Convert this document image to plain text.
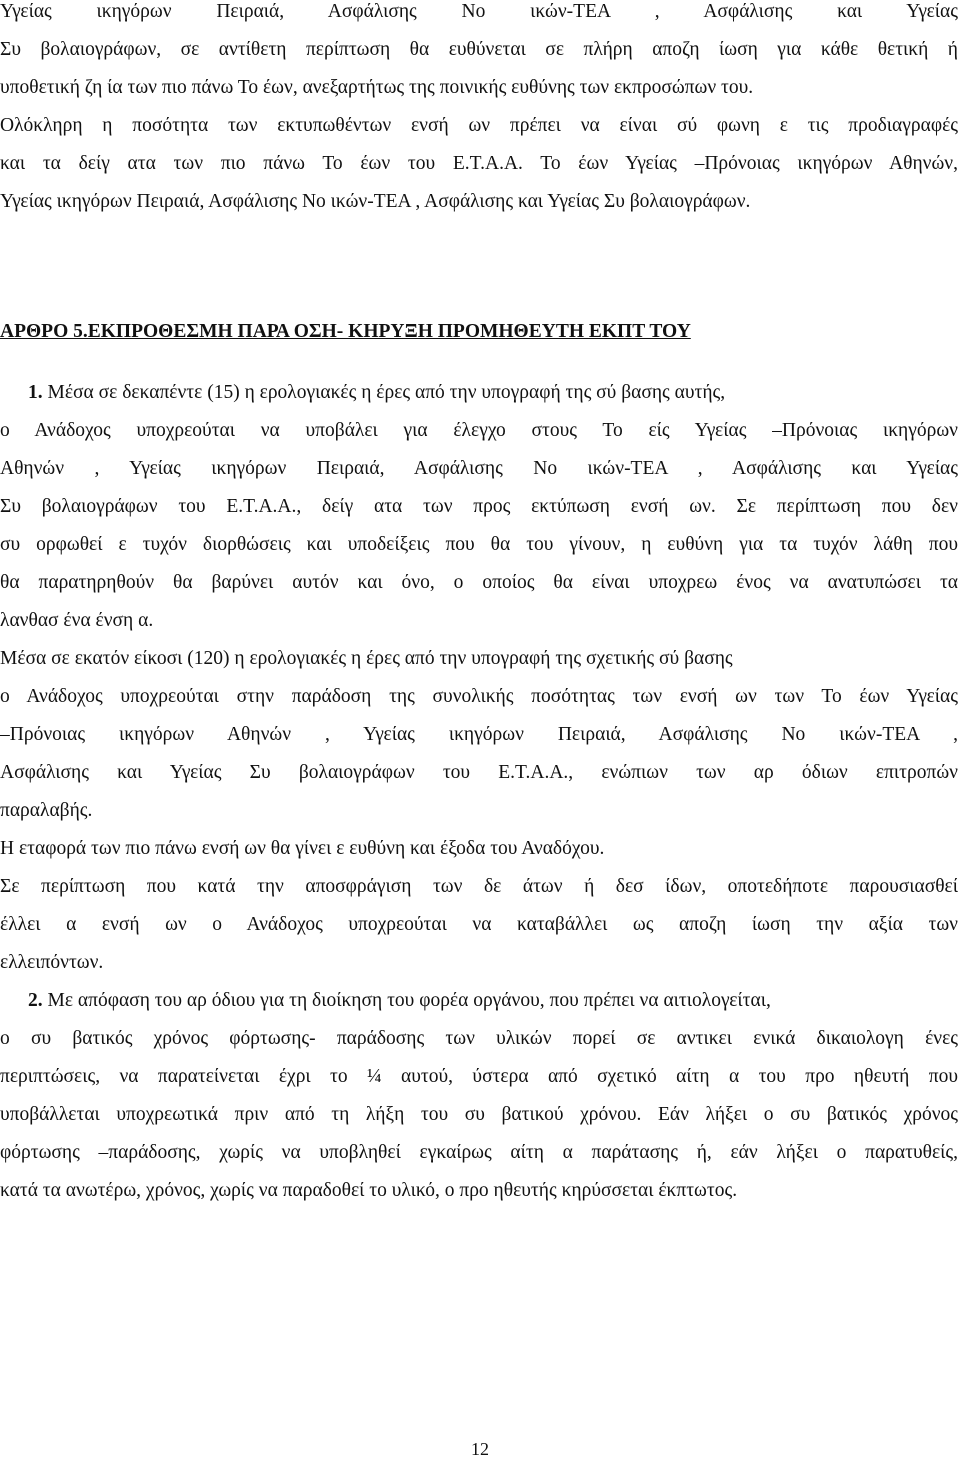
Υγείας ικηγόρων Πειραιά, Ασφάλισης Νο ικών-ΤΕΑ , Ασφάλισης και Υγείας
Συ βολαιογράφων, σε αντίθετη περίπτωση θα ευθύνεται σε πλήρη αποζη ίωση για κάθε θετική ή
υποθετική ζη ία των πιο πάνω Το έων, ανεξαρτήτως της ποινικής ευθύνης των εκπροσώπων του.
Ολόκληρη η ποσότητα των εκτυπωθέντων ενσή ων πρέπει να είναι σύ φωνη ε τις προδιαγραφές
και τα δείγ ατα των πιο πάνω Το έων του Ε.Τ.Α.Α. Το έων Υγείας –Πρόνοιας ικηγόρων Αθηνών,
Υγείας ικηγόρων Πειραιά, Ασφάλισης Νο ικών-ΤΕΑ , Ασφάλισης και Υγείας Συ βολαιογράφων.
ΑΡΘΡΟ 5.ΕΚΠΡΟΘΕΣΜΗ ΠΑΡΑ ΟΣΗ- ΚΗΡΥΞΗ ΠΡΟΜΗΘΕΥΤΗ ΕΚΠΤ ΤΟΥ
1. Μέσα σε δεκαπέντε (15) η ερολογιακές η έρες από την υπογραφή της σύ βασης αυτής,
ο Ανάδοχος υποχρεούται να υποβάλει για έλεγχο στους Το είς Υγείας –Πρόνοιας ικηγόρων
Αθηνών , Υγείας ικηγόρων Πειραιά, Ασφάλισης Νο ικών-ΤΕΑ , Ασφάλισης και Υγείας
Συ βολαιογράφων του Ε.Τ.Α.Α., δείγ ατα των προς εκτύπωση ενσή ων. Σε περίπτωση που δεν
συ ορφωθεί ε τυχόν διορθώσεις και υποδείξεις που θα του γίνουν, η ευθύνη για τα τυχόν λάθη που
θα παρατηρηθούν θα βαρύνει αυτόν και όνο, ο οποίος θα είναι υποχρεω ένος να ανατυπώσει τα
λανθασ ένα ένση α.
Μέσα σε εκατόν είκοσι (120) η ερολογιακές η έρες από την υπογραφή της σχετικής σύ βασης
ο Ανάδοχος υποχρεούται στην παράδοση της συνολικής ποσότητας των ενσή ων των Το έων Υγείας
–Πρόνοιας ικηγόρων Αθηνών , Υγείας ικηγόρων Πειραιά, Ασφάλισης Νο ικών-ΤΕΑ ,
Ασφάλισης και Υγείας Συ βολαιογράφων του Ε.Τ.Α.Α., ενώπιων των αρ όδιων επιτροπών
παραλαβής.
Η εταφορά των πιο πάνω ενσή ων θα γίνει ε ευθύνη και έξοδα του Αναδόχου.
Σε περίπτωση που κατά την αποσφράγιση των δε άτων ή δεσ ίδων, οποτεδήποτε παρουσιασθεί
έλλει α ενσή ων ο Ανάδοχος υποχρεούται να καταβάλλει ως αποζη ίωση την αξία των
ελλειπόντων.
2. Με απόφαση του αρ όδιου για τη διοίκηση του φορέα οργάνου, που πρέπει να αιτιολογείται,
ο συ βατικός χρόνος φόρτωσης- παράδοσης των υλικών πορεί σε αντικει ενικά δικαιολογη ένες
περιπτώσεις, να παρατείνεται έχρι το ¼ αυτού, ύστερα από σχετικό αίτη α του προ ηθευτή που
υποβάλλεται υποχρεωτικά πριν από τη λήξη του συ βατικού χρόνου. Εάν λήξει ο συ βατικός χρόνος
φόρτωσης –παράδοσης, χωρίς να υποβληθεί εγκαίρως αίτη α παράτασης ή, εάν λήξει ο παρατυθείς,
κατά τα ανωτέρω, χρόνος, χωρίς να παραδοθεί το υλικό, ο προ ηθευτής κηρύσσεται έκπτωτος.
12
